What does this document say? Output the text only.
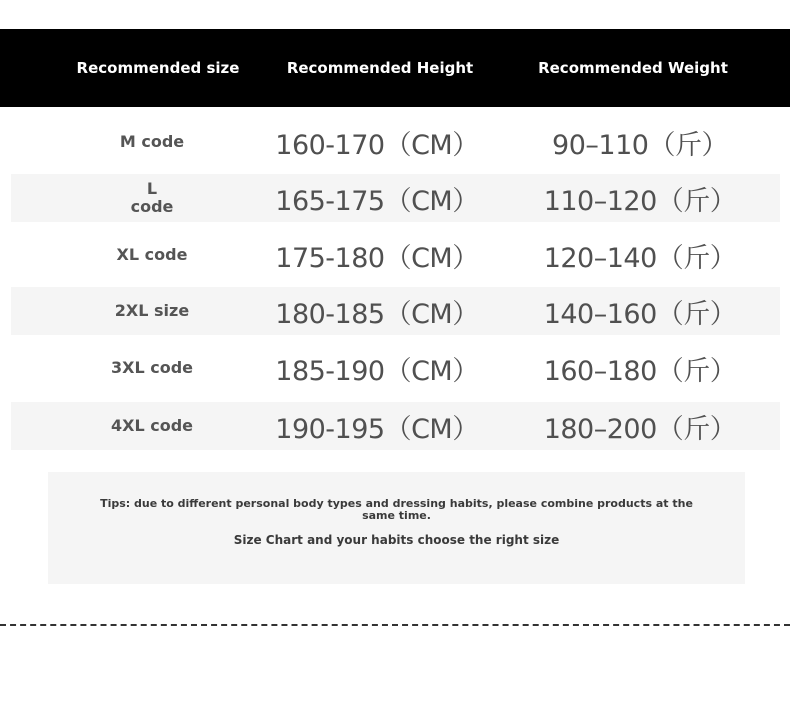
Recommended size	Recommended Height	Recommended Weight
M code	160-170（CM）	90–110（斤）
L code	165-175（CM）	110–120（斤）
XL code	175-180（CM）	120–140（斤）
2XL size	180-185（CM）	140–160（斤）
3XL code	185-190（CM）	160–180（斤）
4XL code	190-195（CM）	180–200（斤）
Tips: due to different personal body types and dressing habits, please combine products at the same time.
Size Chart and your habits choose the right size
